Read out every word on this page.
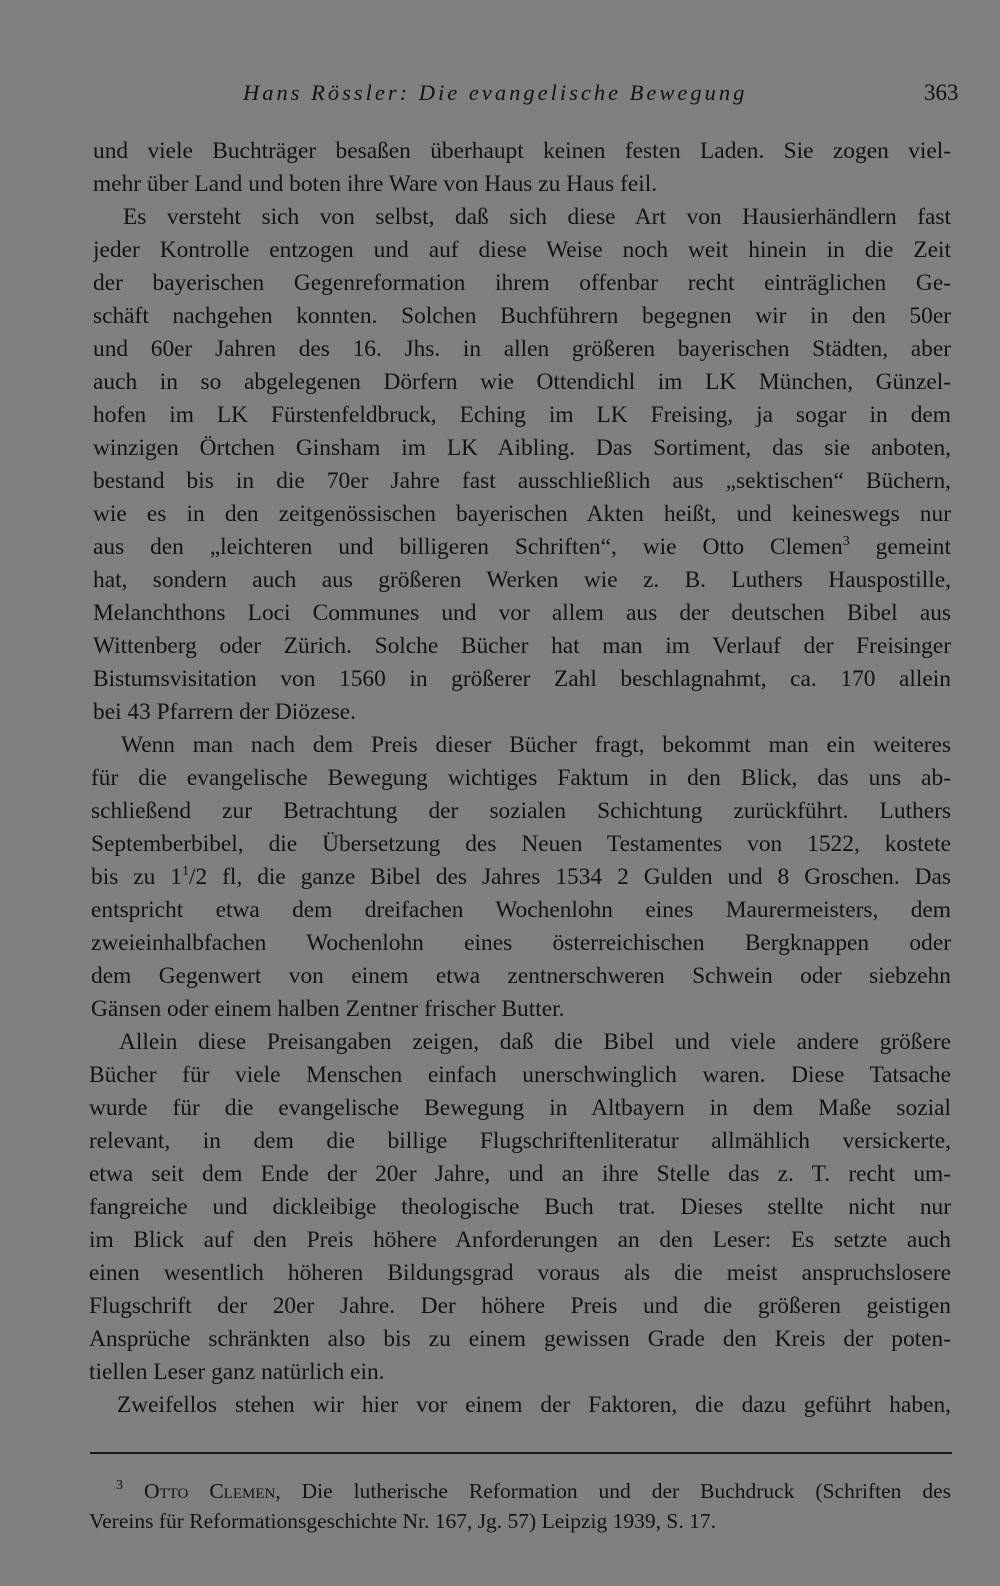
Hans Rössler: Die evangelische Bewegung	363
und viele Buchträger besaßen überhaupt keinen festen Laden. Sie zogen viel-
mehr über Land und boten ihre Ware von Haus zu Haus feil.
Es versteht sich von selbst, daß sich diese Art von Hausierhändlern fast
jeder Kontrolle entzogen und auf diese Weise noch weit hinein in die Zeit
der bayerischen Gegenreformation ihrem offenbar recht einträglichen Ge-
schäft nachgehen konnten. Solchen Buchführern begegnen wir in den 50er
und 60er Jahren des 16. Jhs. in allen größeren bayerischen Städten, aber
auch in so abgelegenen Dörfern wie Ottendichl im LK München, Günzel-
hofen im LK Fürstenfeldbruck, Eching im LK Freising, ja sogar in dem
winzigen Örtchen Ginsham im LK Aibling. Das Sortiment, das sie anboten,
bestand bis in die 70er Jahre fast ausschließlich aus „sektischen“ Büchern,
wie es in den zeitgenössischen bayerischen Akten heißt, und keineswegs nur
aus den „leichteren und billigeren Schriften“, wie Otto Clemen$^3$ gemeint
hat, sondern auch aus größeren Werken wie z. B. Luthers Hauspostille,
Melanchthons Loci Communes und vor allem aus der deutschen Bibel aus
Wittenberg oder Zürich. Solche Bücher hat man im Verlauf der Freisinger
Bistumsvisitation von 1560 in größerer Zahl beschlagnahmt, ca. 170 allein
bei 43 Pfarrern der Diözese.
Wenn man nach dem Preis dieser Bücher fragt, bekommt man ein weiteres
für die evangelische Bewegung wichtiges Faktum in den Blick, das uns ab-
schließend zur Betrachtung der sozialen Schichtung zurückführt. Luthers
Septemberbibel, die Übersetzung des Neuen Testamentes von 1522, kostete
bis zu $1^1/2$ fl, die ganze Bibel des Jahres 1534 2 Gulden und 8 Groschen. Das
entspricht etwa dem dreifachen Wochenlohn eines Maurermeisters, dem
zweieinhalbfachen Wochenlohn eines österreichischen Bergknappen oder
dem Gegenwert von einem etwa zentnerschweren Schwein oder siebzehn
Gänsen oder einem halben Zentner frischer Butter.
Allein diese Preisangaben zeigen, daß die Bibel und viele andere größere
Bücher für viele Menschen einfach unerschwinglich waren. Diese Tatsache
wurde für die evangelische Bewegung in Altbayern in dem Maße sozial
relevant, in dem die billige Flugschriftenliteratur allmählich versickerte,
etwa seit dem Ende der 20er Jahre, und an ihre Stelle das z. T. recht um-
fangreiche und dickleibige theologische Buch trat. Dieses stellte nicht nur
im Blick auf den Preis höhere Anforderungen an den Leser: Es setzte auch
einen wesentlich höheren Bildungsgrad voraus als die meist anspruchslosere
Flugschrift der 20er Jahre. Der höhere Preis und die größeren geistigen
Ansprüche schränkten also bis zu einem gewissen Grade den Kreis der poten-
tiellen Leser ganz natürlich ein.
Zweifellos stehen wir hier vor einem der Faktoren, die dazu geführt haben,
$^3$ Otto Clemen, Die lutherische Reformation und der Buchdruck (Schriften des
Vereins für Reformationsgeschichte Nr. 167, Jg. 57) Leipzig 1939, S. 17.
